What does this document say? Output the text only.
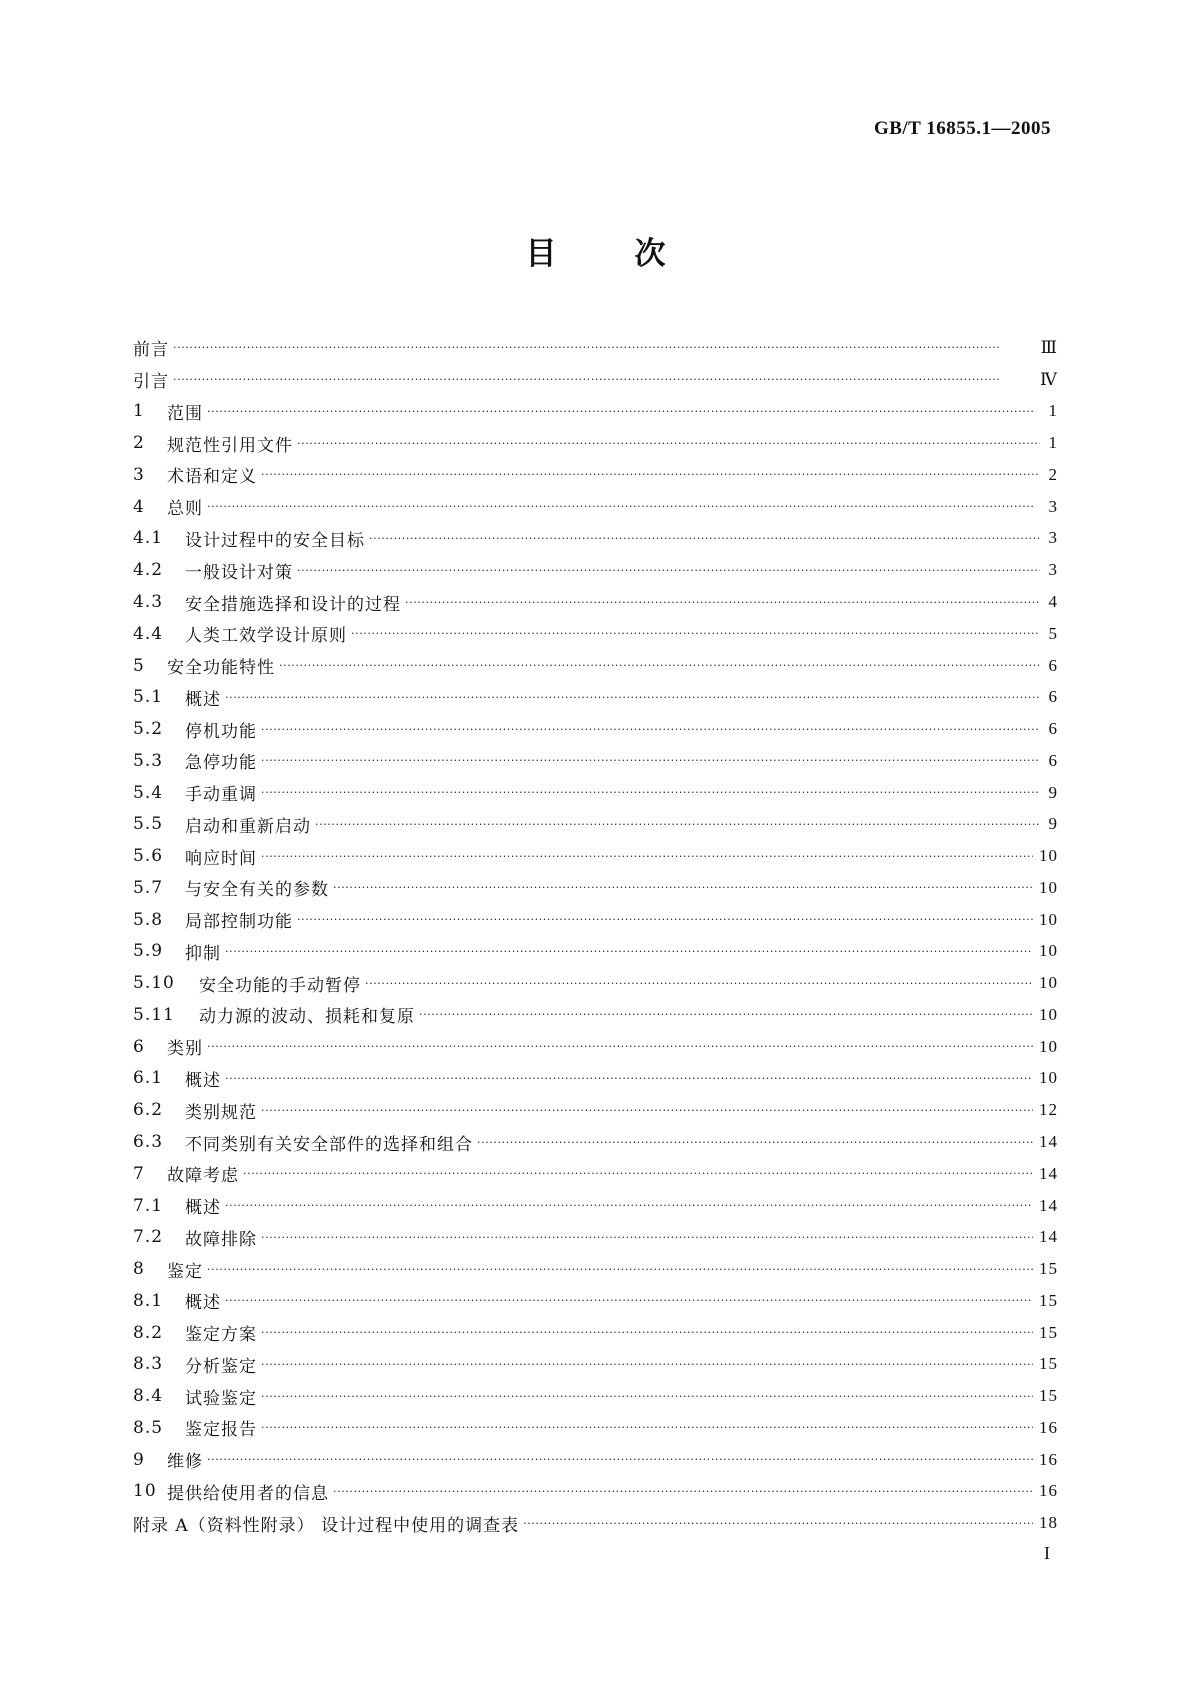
GB/T 16855.1—2005
目	次
前言 ·····	Ⅲ
引言 ·····	Ⅳ
1	范围 ·····	1
2	规范性引用文件 ·····	1
3	术语和定义 ·····	2
4	总则 ·····	3
4.1	设计过程中的安全目标 ·····	3
4.2	一般设计对策 ·····	3
4.3	安全措施选择和设计的过程 ·····	4
4.4	人类工效学设计原则 ·····	5
5	安全功能特性 ·····	6
5.1	概述 ·····	6
5.2	停机功能 ·····	6
5.3	急停功能 ·····	6
5.4	手动重调 ·····	9
5.5	启动和重新启动 ·····	9
5.6	响应时间 ·····	10
5.7	与安全有关的参数 ·····	10
5.8	局部控制功能 ·····	10
5.9	抑制 ·····	10
5.10	安全功能的手动暂停 ·····	10
5.11	动力源的波动、损耗和复原 ·····	10
6	类别 ·····	10
6.1	概述 ·····	10
6.2	类别规范 ·····	12
6.3	不同类别有关安全部件的选择和组合 ·····	14
7	故障考虑 ·····	14
7.1	概述 ·····	14
7.2	故障排除 ·····	14
8	鉴定 ·····	15
8.1	概述 ·····	15
8.2	鉴定方案 ·····	15
8.3	分析鉴定 ·····	15
8.4	试验鉴定 ·····	15
8.5	鉴定报告 ·····	16
9	维修 ·····	16
10 提供给使用者的信息 ·····	16
附录 A（资料性附录） 设计过程中使用的调查表 ·····	18
I
